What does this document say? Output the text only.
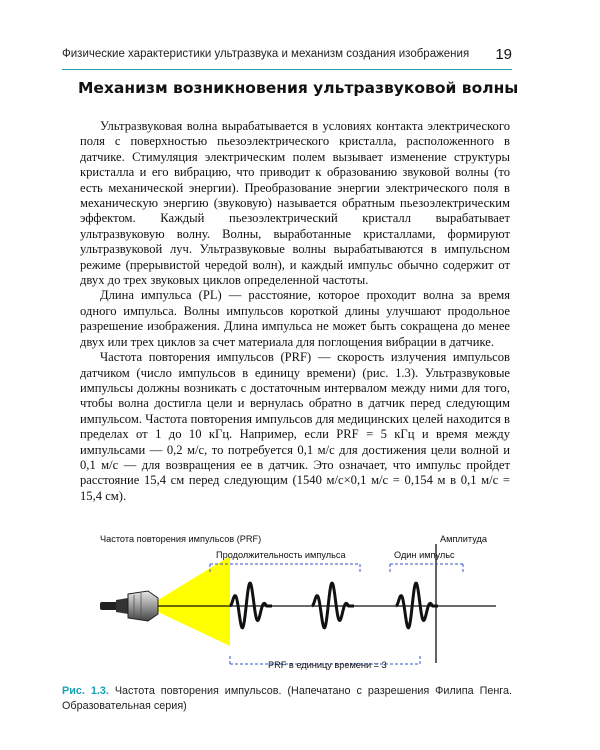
Физические характеристики ультразвука и механизм создания изображения 19
Механизм возникновения ультразвуковой волны

Ультразвуковая волна вырабатывается в условиях контакта электрического поля с поверхностью пьезоэлектрического кристалла, расположенного в датчике. Стимуляция электрическим полем вызывает изменение структуры кристалла и его вибрацию, что приводит к образованию звуковой волны (то есть механической энергии). Преобразование энергии электрического поля в механическую энергию (звуковую) называется обратным пьезоэлектрическим эффектом. Каждый пьезоэлектрический кристалл вырабатывает ультразвуковую волну. Волны, выработанные кристаллами, формируют ультразвуковой луч. Ультразвуковые волны вырабатываются в импульсном режиме (прерывистой чередой волн), и каждый импульс обычно содержит от двух до трех звуковых циклов определенной частоты.

Длина импульса (PL) — расстояние, которое проходит волна за время одного импульса. Волны импульсов короткой длины улучшают продольное разрешение изображения. Длина импульса не может быть сокращена до менее двух или трех циклов за счет материала для поглощения вибрации в датчике.

Частота повторения импульсов (PRF) — скорость излучения импульсов датчиком (число импульсов в единицу времени) (рис. 1.3). Ультразвуковые импульсы должны возникать с достаточным интервалом между ними для того, чтобы волна достигла цели и вернулась обратно в датчик перед следующим импульсом. Частота повторения импульсов для медицинских целей находится в пределах от 1 до 10 кГц. Например, если PRF = 5 кГц и время между импульсами — 0,2 м/с, то потребуется 0,1 м/с для достижения цели волной и 0,1 м/с — для возвращения ее в датчик. Это означает, что импульс пройдет расстояние 15,4 см перед следующим (1540 м/с×0,1 м/с = 0,154 м в 0,1 м/с = 15,4 см).

Частота повторения импульсов (PRF)	Амплитуда
Продолжительность импульса	Один импульс
PRF в единицу времени = 3
Рис. 1.3. Частота повторения импульсов. (Напечатано с разрешения Филипа Пенга. Образовательная серия)
